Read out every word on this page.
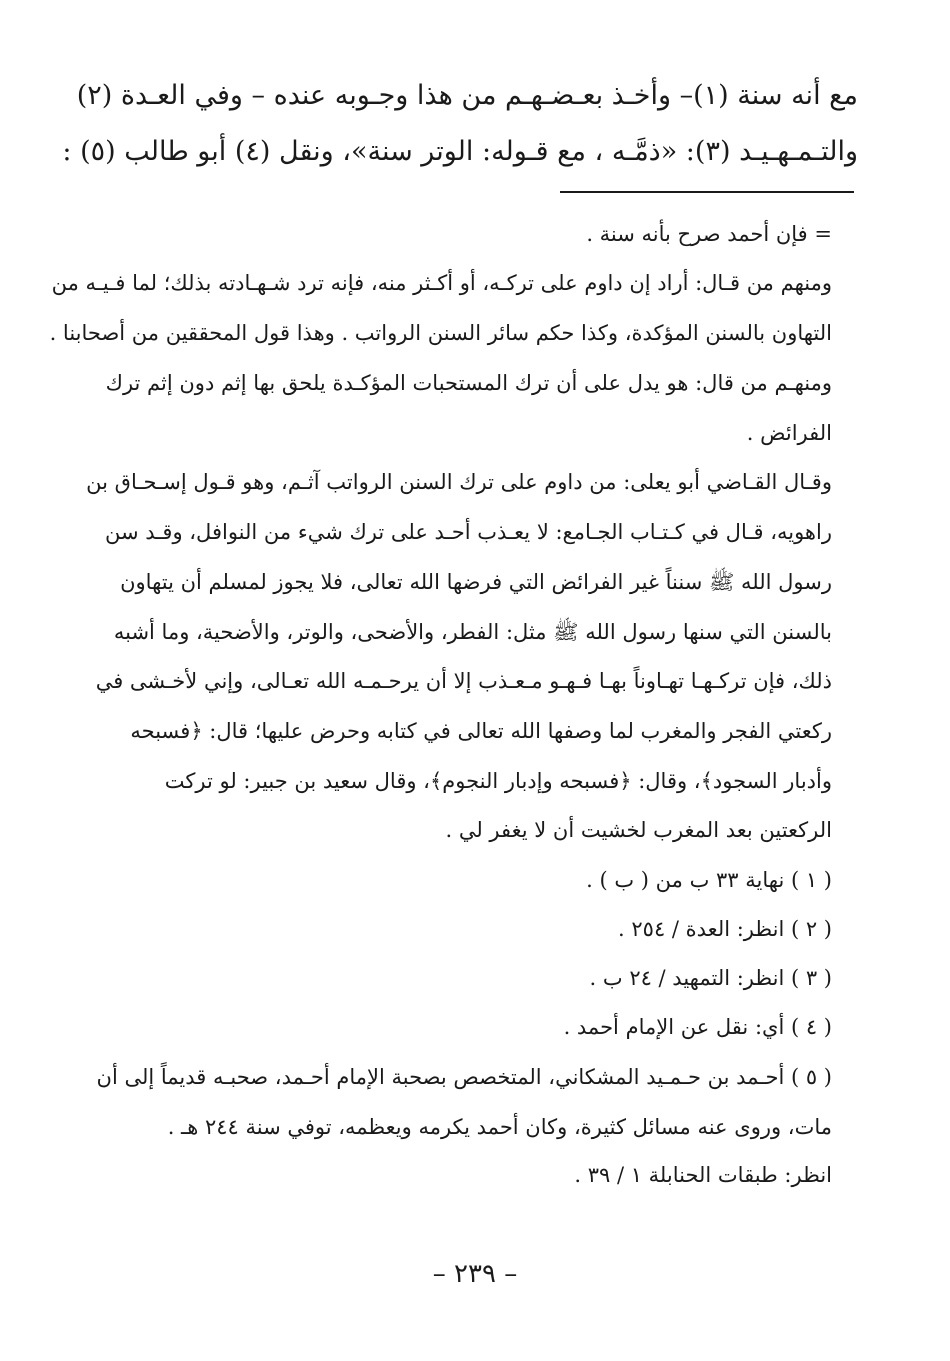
مع أنه سنة (١)– وأخـذ بعـضـهـم من هذا وجـوبه عنده – وفي العـدة (٢)
والتـمـهـيـد (٣): «ذمَّـه ، مع قـوله: الوتر سنة»، ونقل (٤) أبو طالب (٥) :
= فإن أحمد صرح بأنه سنة .
ومنهم من قـال: أراد إن داوم على تركـه، أو أكـثر منه، فإنه ترد شـهـادته بذلك؛ لما فـيـه من
التهاون بالسنن المؤكدة، وكذا حكم سائر السنن الرواتب . وهذا قول المحققين من أصحابنا .
ومنهـم من قال: هو يدل على أن ترك المستحبات المؤكـدة يلحق بها إثم دون إثم ترك
الفرائض .
وقـال القـاضي أبو يعلى: من داوم على ترك السنن الرواتب آثـم، وهو قـول إسـحـاق بن
راهويه، قـال في كـتـاب الجـامع: لا يعـذب أحـد على ترك شيء من النوافل، وقـد سن
رسول الله ﷺ سنناً غير الفرائض التي فرضها الله تعالى، فلا يجوز لمسلم أن يتهاون
بالسنن التي سنها رسول الله ﷺ مثل: الفطر، والأضحى، والوتر، والأضحية، وما أشبه
ذلك، فإن تركـهـا تهـاوناً بهـا فـهـو مـعـذب إلا أن يرحـمـه الله تعـالى، وإني لأخـشى في
ركعتي الفجر والمغرب لما وصفها الله تعالى في كتابه وحرض عليها؛ قال: ﴿فسبحه
وأدبار السجود﴾، وقال: ﴿فسبحه وإدبار النجوم﴾، وقال سعيد بن جبير: لو تركت
الركعتين بعد المغرب لخشيت أن لا يغفر لي .
( ١ ) نهاية ٣٣ ب من ( ب ) .
( ٢ ) انظر: العدة / ٢٥٤ .
( ٣ ) انظر: التمهيد / ٢٤ ب .
( ٤ ) أي: نقل عن الإمام أحمد .
( ٥ ) أحـمد بن حـمـيد المشكاني، المتخصص بصحبة الإمام أحـمد، صحبـه قديماً إلى أن
مات، وروى عنه مسائل كثيرة، وكان أحمد يكرمه ويعظمه، توفي سنة ٢٤٤ هـ .
انظر: طبقات الحنابلة ١ / ٣٩ .
– ٢٣٩ –
